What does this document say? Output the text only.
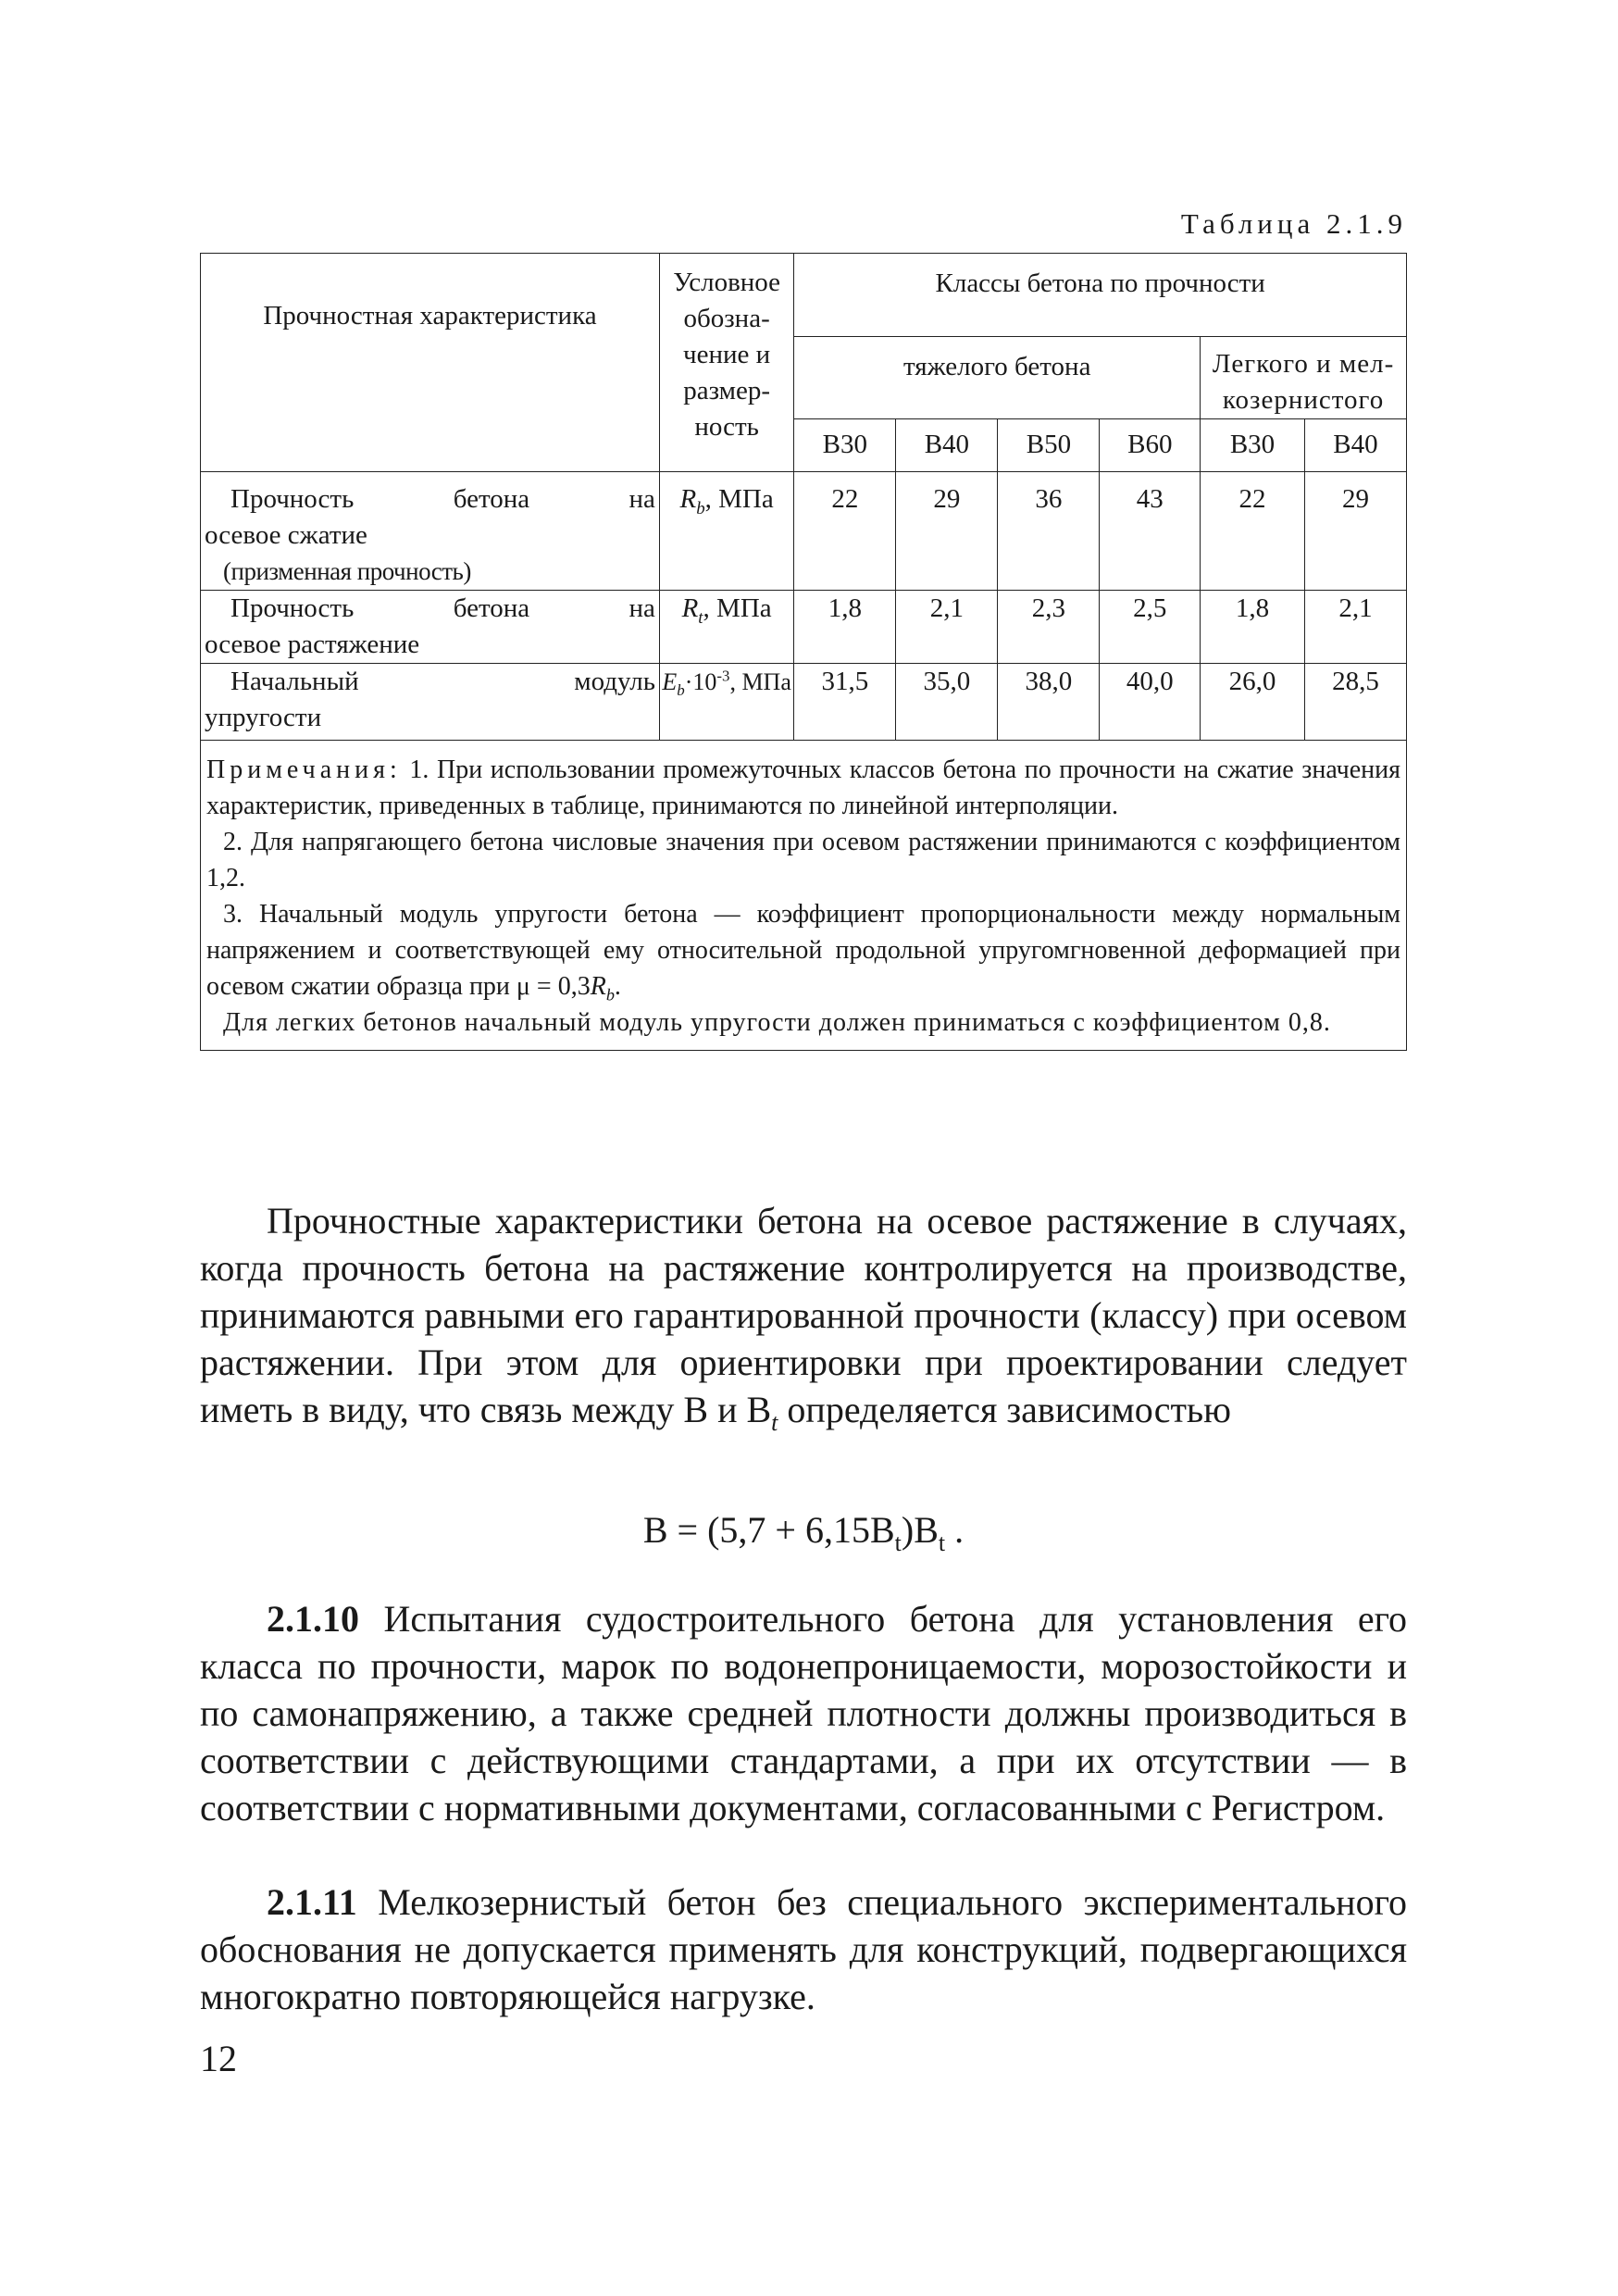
Таблица 2.1.9
Прочностная характеристика	Условное обозна- чение и размер- ность	Классы бетона по прочности					

		тяжелого бетона				Легкого и мел- козернистого	

		B30	B40	B50	B60	B30	B40

Прочность бетона на
осевое сжатие
(призменная прочность)	$R_b$, МПа	22	29	36	43	22	29

Прочность бетона на
осевое растяжение	$R_t$, МПа	1,8	2,1	2,3	2,5	1,8	2,1

Начальный модуль
упругости	$E_b\cdot 10^{-3}$, МПа	31,5	35,0	38,0	40,0	26,0	28,5

Примечания: 1. При использовании промежуточных классов бетона по прочности на сжатие значения характеристик, приведенных в таблице, принимаются по линейной интерполяции.

2. Для напрягающего бетона числовые значения при осевом растяжении принимаются с коэффициентом 1,2.

3. Начальный модуль упругости бетона — коэффициент пропорциональности между нормальным напряжением и соответствующей ему относительной продольной упругомгновенной деформацией при осевом сжатии образца при $\mu = 0,3R_b$.

Для легких бетонов начальный модуль упругости должен приниматься с коэффициентом 0,8.							

Прочностные характеристики бетона на осевое растяжение в случаях, когда прочность бетона на растяжение контролируется на производстве, принимаются равными его гарантированной прочности (классу) при осевом растяжении. При этом для ориентировки при проектировании следует иметь в виду, что связь между B и $B_t$ определяется зависимостью

$B = (5,7 + 6,15B_t)B_t$ .

2.1.10 Испытания судостроительного бетона для установления его класса по прочности, марок по водонепроницаемости, морозостойкости и по самонапряжению, а также средней плотности должны производиться в соответствии с действующими стандартами, а при их отсутствии — в соответствии с нормативными документами, согласованными с Регистром.

2.1.11 Мелкозернистый бетон без специального экспериментального обоснования не допускается применять для конструкций, подвергающихся многократно повторяющейся нагрузке.

12
